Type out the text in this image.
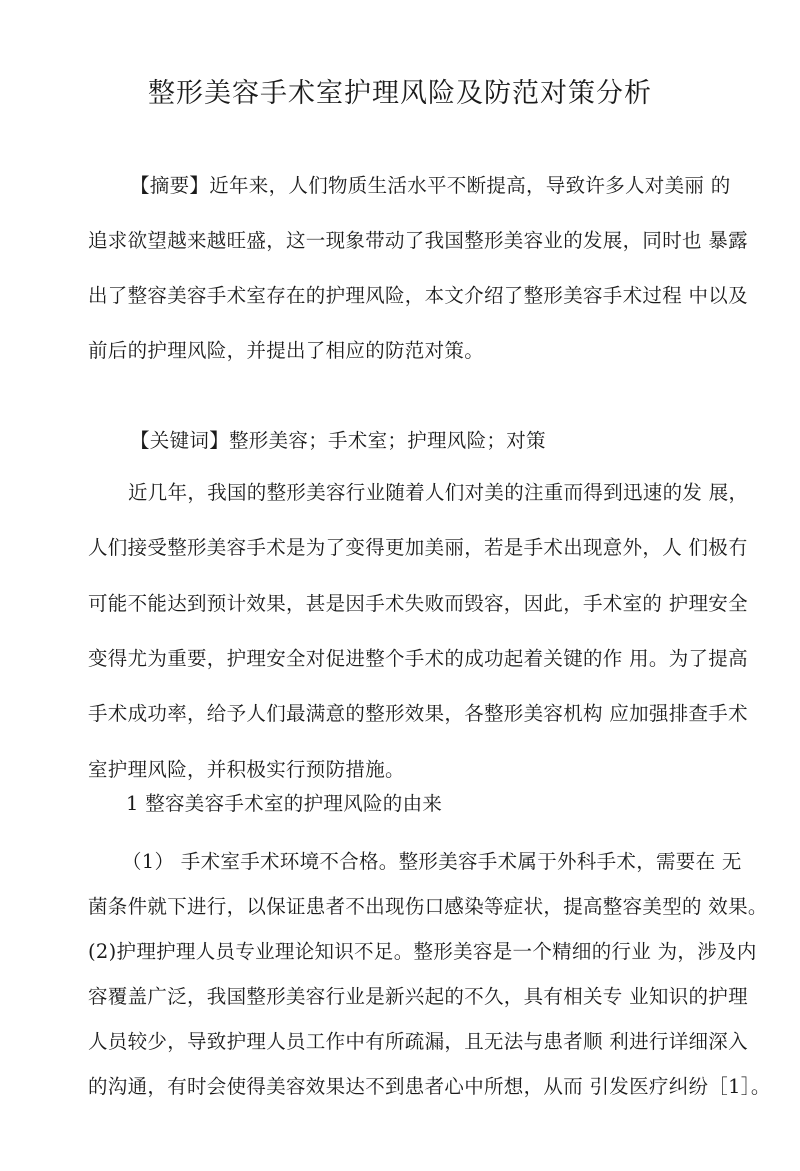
整形美容手术室护理风险及防范对策分析
【摘要】近年来，人们物质生活水平不断提高，导致许多人对美丽 的
追求欲望越来越旺盛，这一现象带动了我国整形美容业的发展，同时也 暴露
出了整容美容手术室存在的护理风险，本文介绍了整形美容手术过程 中以及
前后的护理风险，并提出了相应的防范对策。
【关键词】整形美容；手术室；护理风险；对策
近几年，我国的整形美容行业随着人们对美的注重而得到迅速的发 展，
人们接受整形美容手术是为了变得更加美丽，若是手术出现意外，人 们极冇
可能不能达到预计效果，甚是因手术失败而毁容，因此，手术室的 护理安全
变得尤为重要，护理安全对促进整个手术的成功起着关键的作 用。为了提高
手术成功率，给予人们最满意的整形效果，各整形美容机构 应加强排查手术
室护理风险，并积极实行预防措施。
1 整容美容手术室的护理风险的由来
（1） 手术室手术环境不合格。整形美容手术属于外科手术，需要在 无
菌条件就下进行，以保证患者不出现伤口感染等症状，提高整容美型的 效果。
(2)护理护理人员专业理论知识不足。整形美容是一个精细的行业 为，涉及内
容覆盖广泛，我国整形美容行业是新兴起的不久，具有相关专 业知识的护理
人员较少，导致护理人员工作中有所疏漏，且无法与患者顺 利进行详细深入
的沟通，有时会使得美容效果达不到患者心中所想，从而 引发医疗纠纷［1］。
